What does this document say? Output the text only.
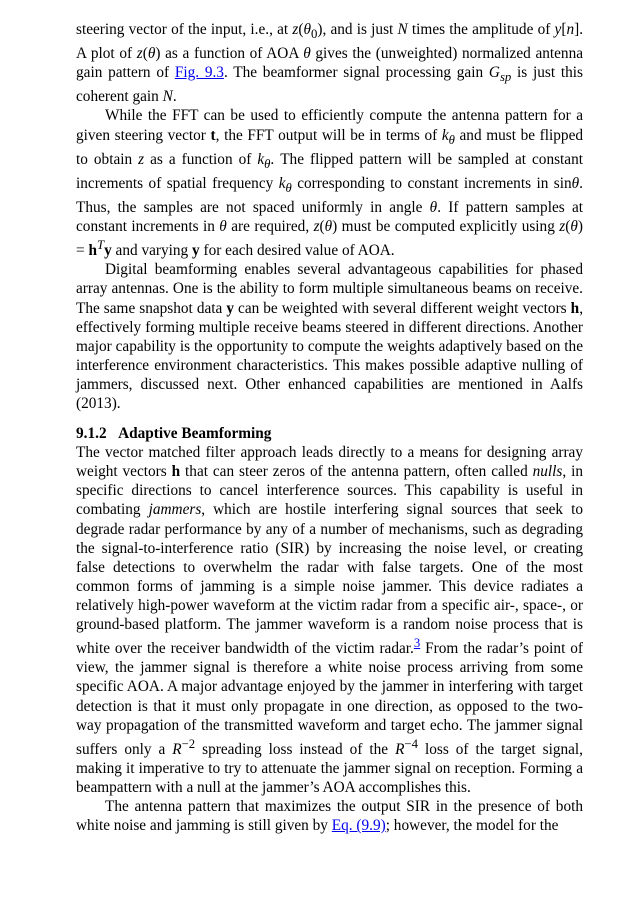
steering vector of the input, i.e., at $z(\theta_0)$, and is just N times the amplitude of y[n]. A plot of z(θ) as a function of AOA θ gives the (unweighted) normalized antenna gain pattern of Fig. 9.3. The beamformer signal processing gain $G_{sp}$ is just this coherent gain N.

While the FFT can be used to efficiently compute the antenna pattern for a given steering vector t, the FFT output will be in terms of $k_\theta$ and must be flipped to obtain z as a function of $k_\theta$. The flipped pattern will be sampled at constant increments of spatial frequency $k_\theta$ corresponding to constant increments in sinθ. Thus, the samples are not spaced uniformly in angle θ. If pattern samples at constant increments in θ are required, z(θ) must be computed explicitly using $z(\theta) = h^Ty$ and varying y for each desired value of AOA.

Digital beamforming enables several advantageous capabilities for phased array antennas. One is the ability to form multiple simultaneous beams on receive. The same snapshot data y can be weighted with several different weight vectors h, effectively forming multiple receive beams steered in different directions. Another major capability is the opportunity to compute the weights adaptively based on the interference environment characteristics. This makes possible adaptive nulling of jammers, discussed next. Other enhanced capabilities are mentioned in Aalfs (2013).

9.1.2 Adaptive Beamforming

The vector matched filter approach leads directly to a means for designing array weight vectors h that can steer zeros of the antenna pattern, often called nulls, in specific directions to cancel interference sources. This capability is useful in combating jammers, which are hostile interfering signal sources that seek to degrade radar performance by any of a number of mechanisms, such as degrading the signal-to-interference ratio (SIR) by increasing the noise level, or creating false detections to overwhelm the radar with false targets. One of the most common forms of jamming is a simple noise jammer. This device radiates a relatively high-power waveform at the victim radar from a specific air-, space-, or ground-based platform. The jammer waveform is a random noise process that is white over the receiver bandwidth of the victim radar.$^3$ From the radar’s point of view, the jammer signal is therefore a white noise process arriving from some specific AOA. A major advantage enjoyed by the jammer in interfering with target detection is that it must only propagate in one direction, as opposed to the two-way propagation of the transmitted waveform and target echo. The jammer signal suffers only a $R^{-2}$ spreading loss instead of the $R^{-4}$ loss of the target signal, making it imperative to try to attenuate the jammer signal on reception. Forming a beampattern with a null at the jammer’s AOA accomplishes this.

The antenna pattern that maximizes the output SIR in the presence of both white noise and jamming is still given by Eq. (9.9); however, the model for the
